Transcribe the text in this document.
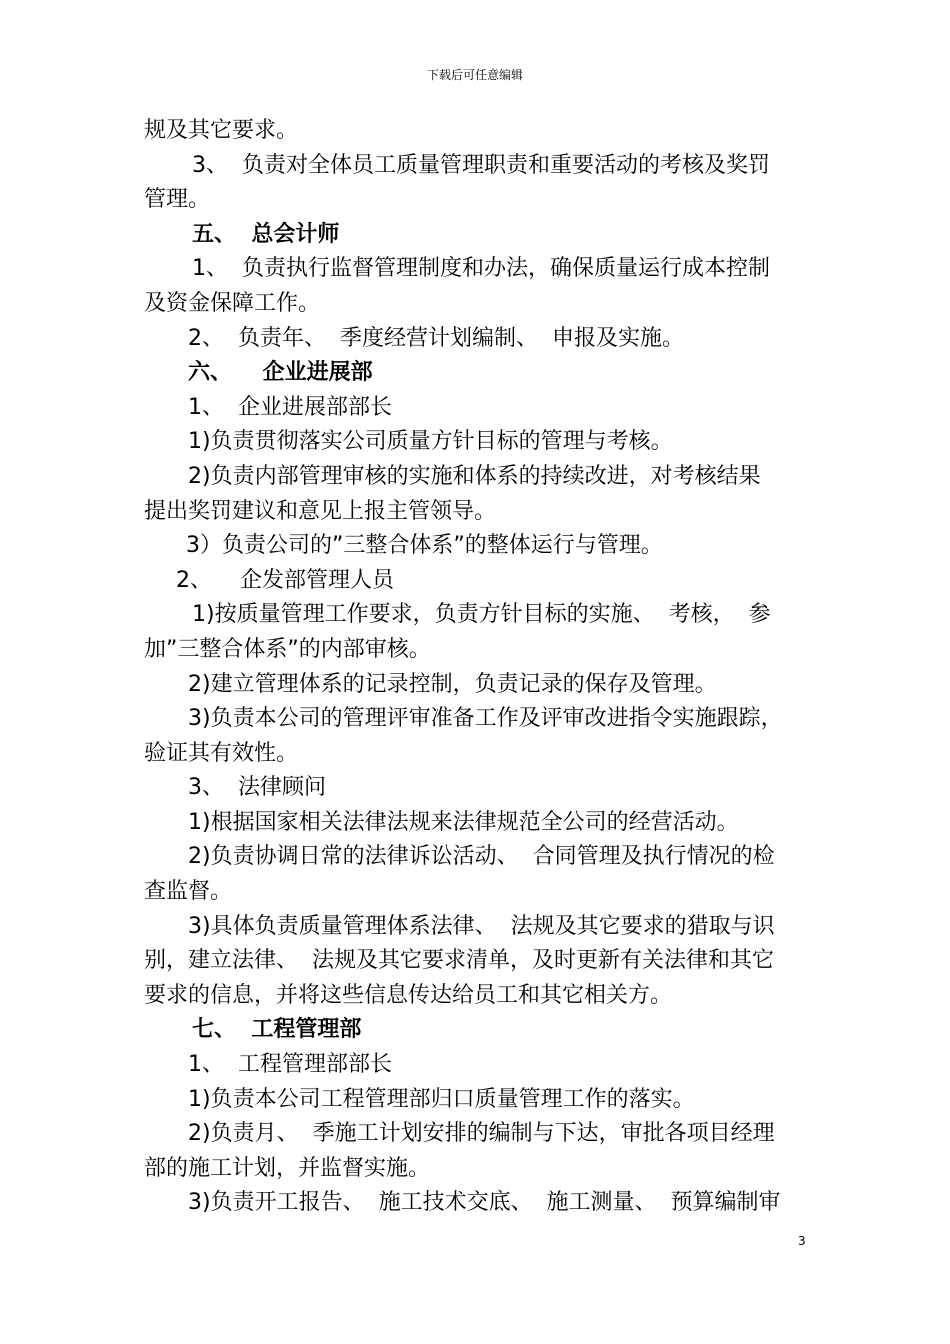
下载后可任意编辑
规及其它要求。
3、  负责对全体员工质量管理职责和重要活动的考核及奖罚
管理。
五、  总会计师
1、  负责执行监督管理制度和办法，确保质量运行成本控制
及资金保障工作。
2、  负责年、  季度经营计划编制、  申报及实施。
六、    企业进展部
1、  企业进展部部长
1)负责贯彻落实公司质量方针目标的管理与考核。
2)负责内部管理审核的实施和体系的持续改进，对考核结果
提出奖罚建议和意见上报主管领导。
3）负责公司的”三整合体系”的整体运行与管理。
2、    企发部管理人员
1)按质量管理工作要求，负责方针目标的实施、  考核，  参
加”三整合体系”的内部审核。
2)建立管理体系的记录控制，负责记录的保存及管理。
3)负责本公司的管理评审准备工作及评审改进指令实施跟踪，
验证其有效性。
3、  法律顾问
1)根据国家相关法律法规来法律规范全公司的经营活动。
2)负责协调日常的法律诉讼活动、  合同管理及执行情况的检
查监督。
3)具体负责质量管理体系法律、  法规及其它要求的猎取与识
别，建立法律、  法规及其它要求清单，及时更新有关法律和其它
要求的信息，并将这些信息传达给员工和其它相关方。
七、  工程管理部
1、  工程管理部部长
1)负责本公司工程管理部归口质量管理工作的落实。
2)负责月、  季施工计划安排的编制与下达，审批各项目经理
部的施工计划，并监督实施。
3)负责开工报告、  施工技术交底、  施工测量、  预算编制审
3
